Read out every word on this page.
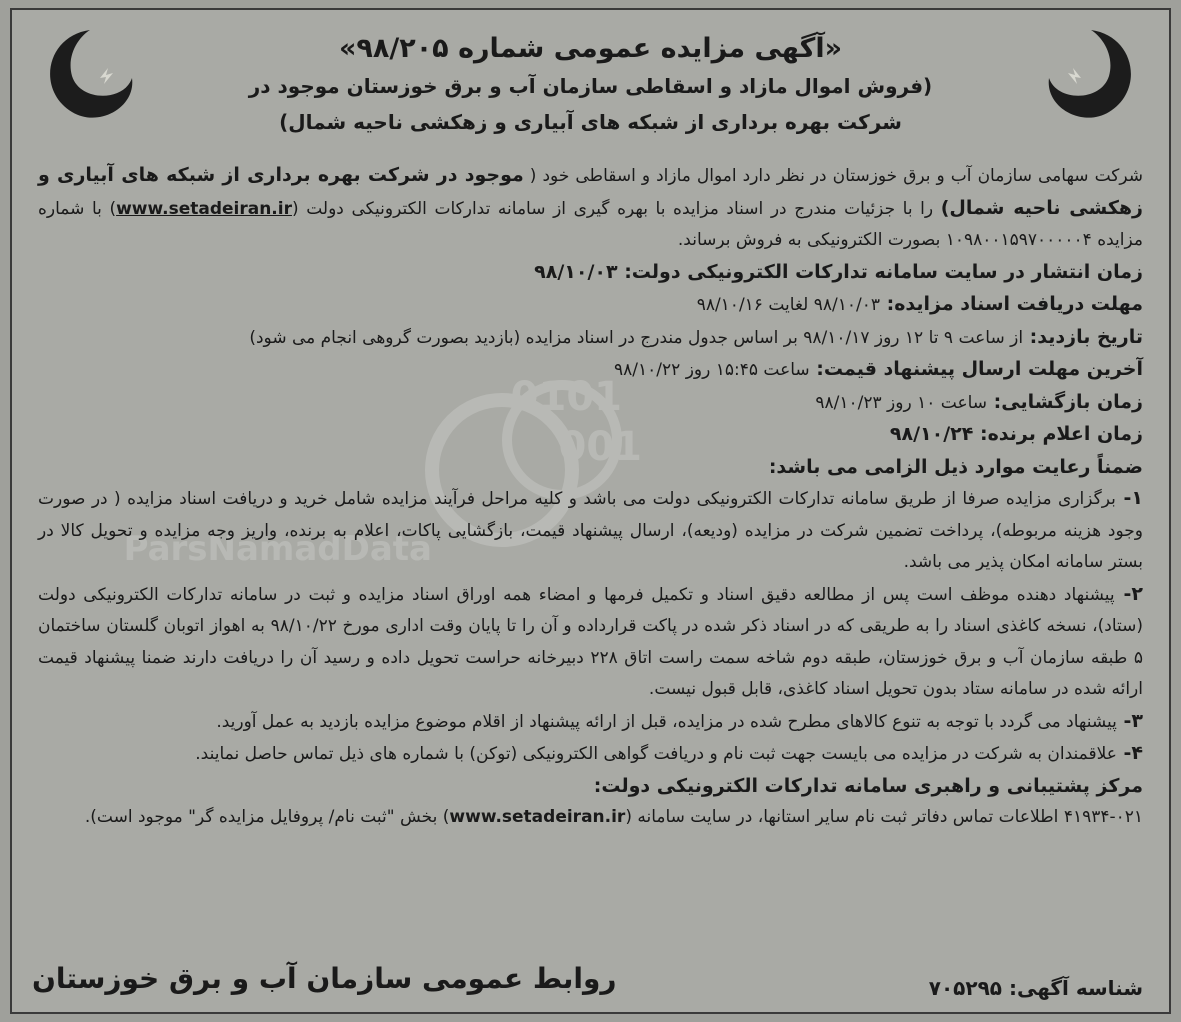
0101
001
ParsNamadData
«آگهی مزایده عمومی شماره ۹۸/۲۰۵»
(فروش اموال مازاد و اسقاطی سازمان آب و برق خوزستان موجود در
شرکت بهره برداری از شبکه های آبیاری و زهکشی ناحیه شمال)

شرکت سهامی سازمان آب و برق خوزستان در نظر دارد اموال مازاد و اسقاطی خود ( موجود در شرکت بهره برداری از شبکه های آبیاری و زهکشی ناحیه شمال) را با جزئیات مندرج در اسناد مزایده با بهره گیری از سامانه تدارکات الکترونیکی دولت (www.setadeiran.ir) با شماره مزایده ۱۰۹۸۰۰۱۵۹۷۰۰۰۰۰۴ بصورت الکترونیکی به فروش برساند.

زمان انتشار در سایت سامانه تدارکات الکترونیکی دولت: ۹۸/۱۰/۰۳

مهلت دریافت اسناد مزایده: ۹۸/۱۰/۰۳ لغایت ۹۸/۱۰/۱۶

تاریخ بازدید: از ساعت ۹ تا ۱۲ روز ۹۸/۱۰/۱۷ بر اساس جدول مندرج در اسناد مزایده (بازدید بصورت گروهی انجام می شود)

آخرین مهلت ارسال پیشنهاد قیمت: ساعت ۱۵:۴۵ روز ۹۸/۱۰/۲۲

زمان بازگشایی: ساعت ۱۰ روز ۹۸/۱۰/۲۳

زمان اعلام برنده: ۹۸/۱۰/۲۴

ضمناً رعایت موارد ذیل الزامی می باشد:

۱- برگزاری مزایده صرفا از طریق سامانه تدارکات الکترونیکی دولت می باشد و کلیه مراحل فرآیند مزایده شامل خرید و دریافت اسناد مزایده ( در صورت وجود هزینه مربوطه)، پرداخت تضمین شرکت در مزایده (ودیعه)، ارسال پیشنهاد قیمت، بازگشایی پاکات، اعلام به برنده، واریز وجه مزایده و تحویل کالا در بستر سامانه امکان پذیر می باشد.

۲- پیشنهاد دهنده موظف است پس از مطالعه دقیق اسناد و تکمیل فرمها و امضاء همه اوراق اسناد مزایده و ثبت در سامانه تدارکات الکترونیکی دولت (ستاد)، نسخه کاغذی اسناد را به طریقی که در اسناد ذکر شده در پاکت قرارداده و آن را تا پایان وقت اداری مورخ ۹۸/۱۰/۲۲ به اهواز اتوبان گلستان ساختمان ۵ طبقه سازمان آب و برق خوزستان، طبقه دوم شاخه سمت راست اتاق ۲۲۸ دبیرخانه حراست تحویل داده و رسید آن را دریافت دارند ضمنا پیشنهاد قیمت ارائه شده در سامانه ستاد بدون تحویل اسناد کاغذی، قابل قبول نیست.

۳- پیشنهاد می گردد با توجه به تنوع کالاهای مطرح شده در مزایده، قبل از ارائه پیشنهاد از اقلام موضوع مزایده بازدید به عمل آورید.

۴- علاقمندان به شرکت در مزایده می بایست جهت ثبت نام و دریافت گواهی الکترونیکی (توکن) با شماره های ذیل تماس حاصل نمایند.

مرکز پشتیبانی و راهبری سامانه تدارکات الکترونیکی دولت:

۴۱۹۳۴-۰۲۱ اطلاعات تماس دفاتر ثبت نام سایر استانها، در سایت سامانه (www.setadeiran.ir) بخش "ثبت نام/ پروفایل مزایده گر" موجود است).

روابط عمومی سازمان آب و برق خوزستان	شناسه آگهی: ۷۰۵۲۹۵
